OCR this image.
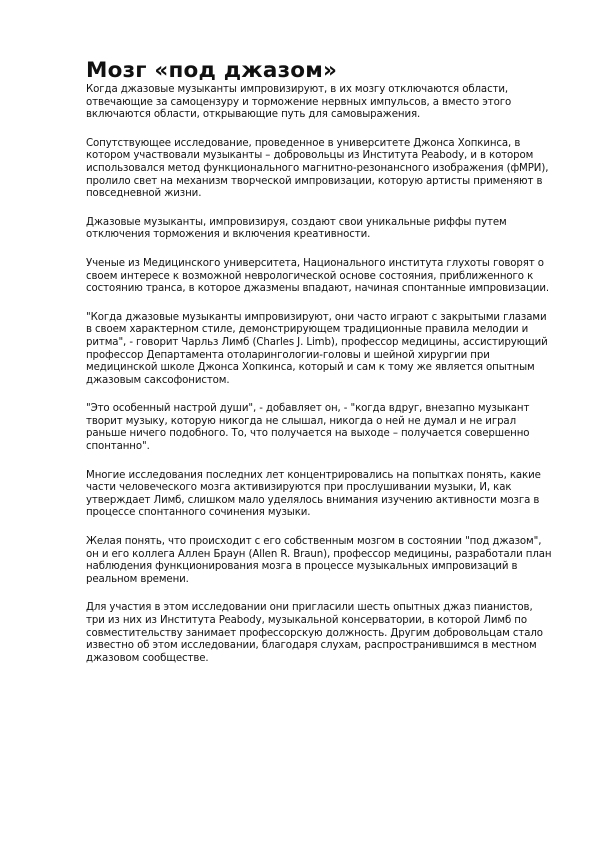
Мозг «под джазом»

Когда джазовые музыканты импровизируют, в их мозгу отключаются области, отвечающие за самоцензуру и торможение нервных импульсов, а вместо этого включаются области, открывающие путь для самовыражения.

Сопутствующее исследование, проведенное в университете Джонса Хопкинса, в котором участвовали музыканты – добровольцы из Института Peabody, и в котором использовался метод функционального магнитно-резонансного изображения (фМРИ), пролило свет на механизм творческой импровизации, которую артисты применяют в повседневной жизни.

Джазовые музыканты, импровизируя, создают свои уникальные риффы путем отключения торможения и включения креативности.

Ученые из Медицинского университета, Национального института глухоты говорят о своем интересе к возможной неврологической основе состояния, приближенного к состоянию транса, в которое джазмены впадают, начиная спонтанные импровизации.

"Когда джазовые музыканты импровизируют, они часто играют с закрытыми глазами в своем характерном стиле, демонстрирующем традиционные правила мелодии и ритма", - говорит Чарльз Лимб (Charles J. Limb), профессор медицины, ассистирующий профессор Департамента отоларингологии-головы и шейной хирургии при медицинской школе Джонса Хопкинса, который и сам к тому же является опытным джазовым саксофонистом.

"Это особенный настрой души", - добавляет он, - "когда вдруг, внезапно музыкант творит музыку, которую никогда не слышал, никогда о ней не думал и не играл раньше ничего подобного. То, что получается на выходе – получается совершенно спонтанно".

Многие исследования последних лет концентрировались на попытках понять, какие части человеческого мозга активизируются при прослушивании музыки, И, как утверждает Лимб, слишком мало уделялось внимания изучению активности мозга в процессе спонтанного сочинения музыки.

Желая понять, что происходит с его собственным мозгом в состоянии "под джазом", он и его коллега Аллен Браун (Allen R. Braun), профессор медицины, разработали план наблюдения функционирования мозга в процессе музыкальных импровизаций в реальном времени.

Для участия в этом исследовании они пригласили шесть опытных джаз пианистов, три из них из Института Peabody, музыкальной консерватории, в которой Лимб по совместительству занимает профессорскую должность. Другим добровольцам стало известно об этом исследовании, благодаря слухам, распространившимся в местном джазовом сообществе.
